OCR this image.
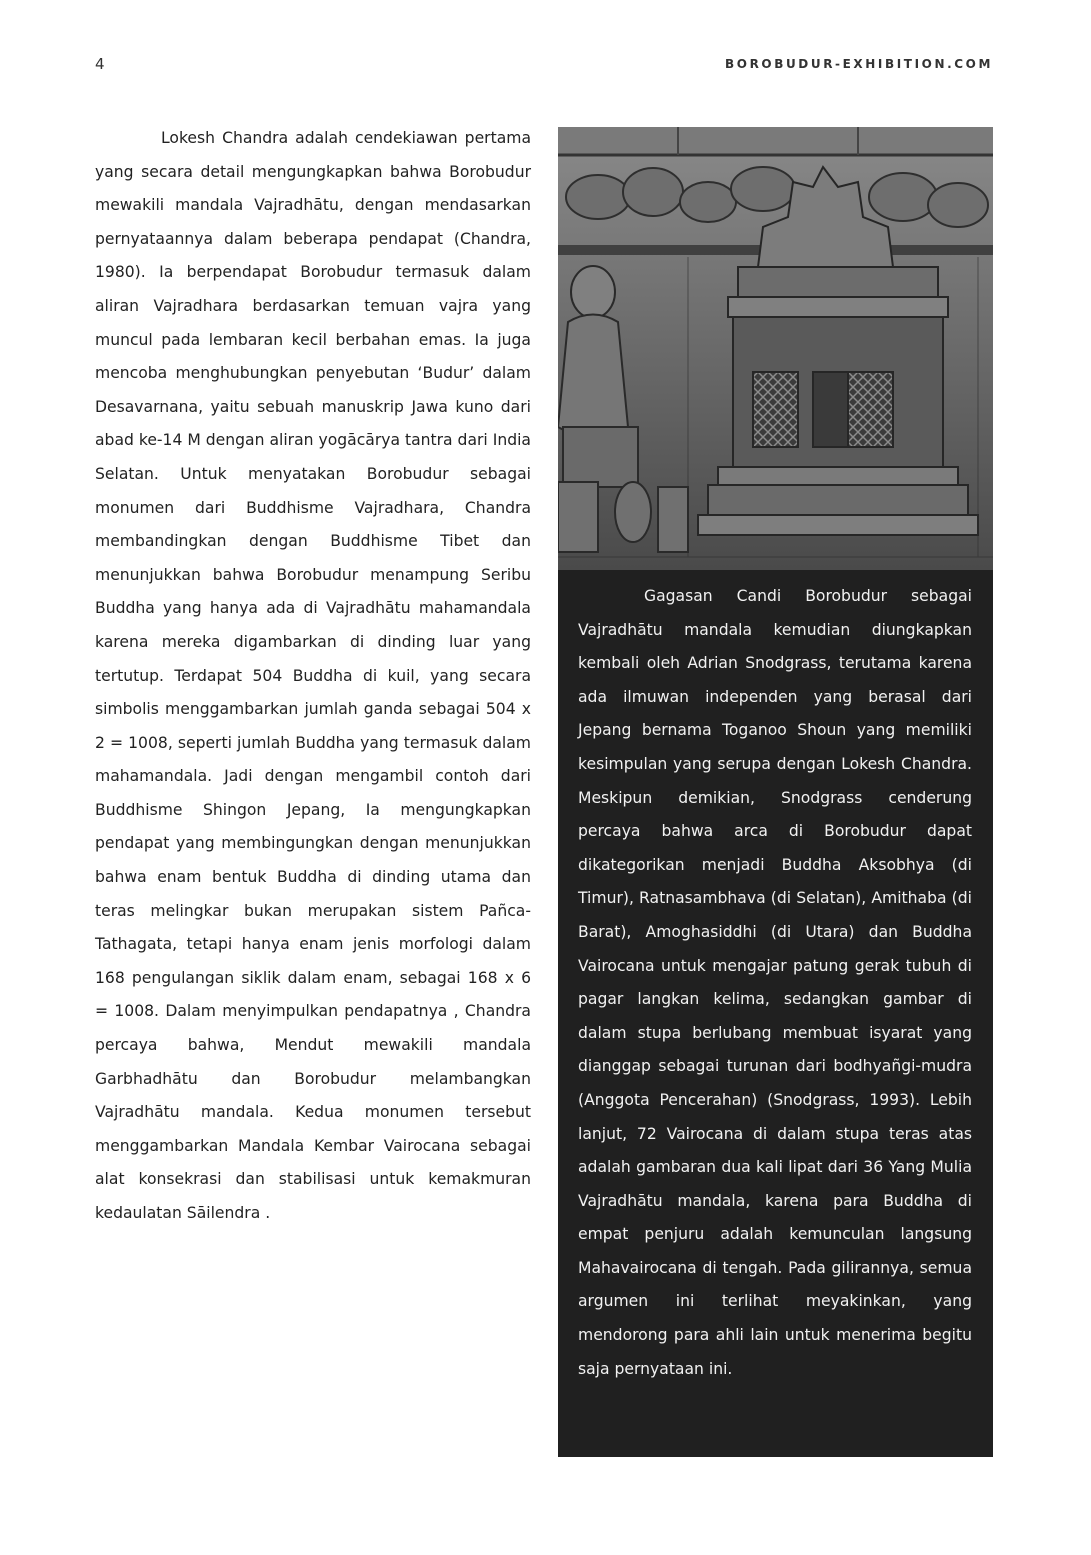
4	BOROBUDUR-EXHIBITION.COM

Lokesh Chandra adalah cendekiawan pertama yang secara detail mengungkapkan bahwa Borobudur mewakili mandala Vajradhātu, dengan mendasarkan pernyataannya dalam beberapa pendapat (Chandra, 1980). Ia berpendapat Borobudur termasuk dalam aliran Vajradhara berdasarkan temuan vajra yang muncul pada lembaran kecil berbahan emas. Ia juga mencoba menghubungkan penyebutan ‘Budur’ dalam Desavarnana, yaitu sebuah manuskrip Jawa kuno dari abad ke-14 M dengan aliran yogācārya tantra dari India Selatan. Untuk menyatakan Borobudur sebagai monumen dari Buddhisme Vajradhara, Chandra membandingkan dengan Buddhisme Tibet dan menunjukkan bahwa Borobudur menampung Seribu Buddha yang hanya ada di Vajradhātu mahamandala karena mereka digambarkan di dinding luar yang tertutup. Terdapat 504 Buddha di kuil, yang secara simbolis menggambarkan jumlah ganda sebagai 504 x 2 = 1008, seperti jumlah Buddha yang termasuk dalam mahamandala. Jadi dengan mengambil contoh dari Buddhisme Shingon Jepang, Ia mengungkapkan pendapat yang membingungkan dengan menunjukkan bahwa enam bentuk Buddha di dinding utama dan teras melingkar bukan merupakan sistem Pañca-Tathagata, tetapi hanya enam jenis morfologi dalam 168 pengulangan siklik dalam enam, sebagai 168 x 6 = 1008. Dalam menyimpulkan pendapatnya , Chandra percaya bahwa, Mendut mewakili mandala Garbhadhātu dan Borobudur melambangkan Vajradhātu mandala. Kedua monumen tersebut menggambarkan Mandala Kembar Vairocana sebagai alat konsekrasi dan stabilisasi untuk kemakmuran kedaulatan Sāilendra .

Gagasan Candi Borobudur sebagai Vajradhātu mandala kemudian diungkapkan kembali oleh Adrian Snodgrass, terutama karena ada ilmuwan independen yang berasal dari Jepang bernama Toganoo Shoun yang memiliki kesimpulan yang serupa dengan Lokesh Chandra. Meskipun demikian, Snodgrass cenderung percaya bahwa arca di Borobudur dapat dikategorikan menjadi Buddha Aksobhya (di Timur), Ratnasambhava (di Selatan), Amithaba (di Barat), Amoghasiddhi (di Utara) dan Buddha Vairocana untuk mengajar patung gerak tubuh di pagar langkan kelima, sedangkan gambar di dalam stupa berlubang membuat isyarat yang dianggap sebagai turunan dari bodhyañgi-mudra (Anggota Pencerahan) (Snodgrass, 1993). Lebih lanjut, 72 Vairocana di dalam stupa teras atas adalah gambaran dua kali lipat dari 36 Yang Mulia Vajradhātu mandala, karena para Buddha di empat penjuru adalah kemunculan langsung Mahavairocana di tengah. Pada gilirannya, semua argumen ini terlihat meyakinkan, yang mendorong para ahli lain untuk menerima begitu saja pernyataan ini.
